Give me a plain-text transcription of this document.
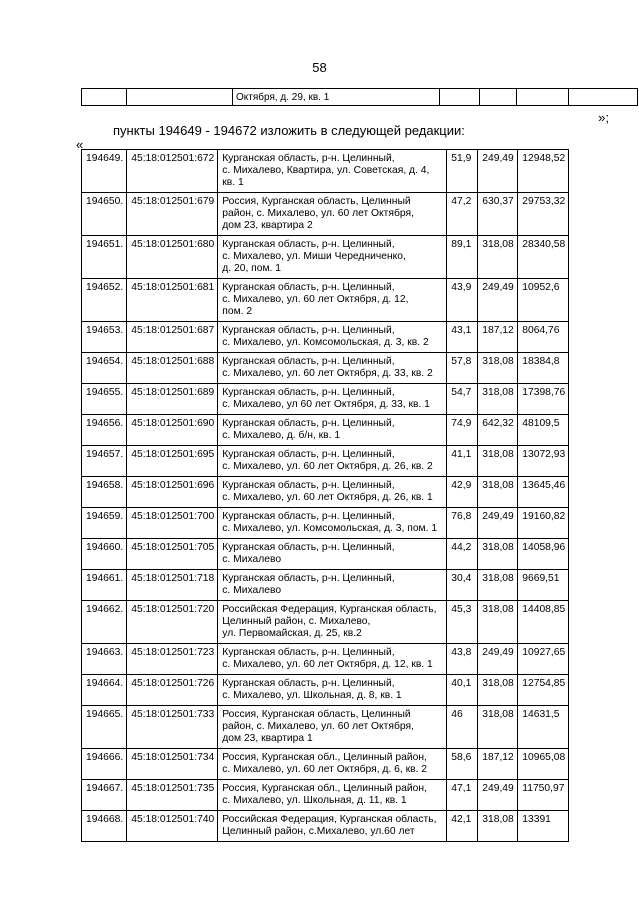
58
		Октября, д. 29, кв. 1				
»;
пункты 194649 - 194672 изложить в следующей редакции:
«
194649.	45:18:012501:672	Курганская область, р-н. Целинный,
с. Михалево, Квартира, ул. Советская, д. 4,
кв. 1	51,9	249,49	12948,52
194650.	45:18:012501:679	Россия, Курганская область, Целинный
район, с. Михалево, ул. 60 лет Октября,
дом 23, квартира 2	47,2	630,37	29753,32
194651.	45:18:012501:680	Курганская область, р-н. Целинный,
с. Михалево, ул. Миши Чередниченко,
д. 20, пом. 1	89,1	318,08	28340,58
194652.	45:18:012501:681	Курганская область, р-н. Целинный,
с. Михалево, ул. 60 лет Октября, д. 12,
пом. 2	43,9	249,49	10952,6
194653.	45:18:012501:687	Курганская область, р-н. Целинный,
с. Михалево, ул. Комсомольская, д. 3, кв. 2	43,1	187,12	8064,76
194654.	45:18:012501:688	Курганская область, р-н. Целинный,
с. Михалево, ул. 60 лет Октября, д. 33, кв. 2	57,8	318,08	18384,8
194655.	45:18:012501:689	Курганская область, р-н. Целинный,
с. Михалево, ул 60 лет Октября, д. 33, кв. 1	54,7	318,08	17398,76
194656.	45:18:012501:690	Курганская область, р-н. Целинный,
с. Михалево, д. б/н, кв. 1	74,9	642,32	48109,5
194657.	45:18:012501:695	Курганская область, р-н. Целинный,
с. Михалево, ул. 60 лет Октября, д. 26, кв. 2	41,1	318,08	13072,93
194658.	45:18:012501:696	Курганская область, р-н. Целинный,
с. Михалево, ул. 60 лет Октября, д. 26, кв. 1	42,9	318,08	13645,46
194659.	45:18:012501:700	Курганская область, р-н. Целинный,
с. Михалево, ул. Комсомольская, д. 3, пом. 1	76,8	249,49	19160,82
194660.	45:18:012501:705	Курганская область, р-н. Целинный,
с. Михалево	44,2	318,08	14058,96
194661.	45:18:012501:718	Курганская область, р-н. Целинный,
с. Михалево	30,4	318,08	9669,51
194662.	45:18:012501:720	Российская Федерация, Курганская область,
Целинный район, с. Михалево,
ул. Первомайская, д. 25, кв.2	45,3	318,08	14408,85
194663.	45:18:012501:723	Курганская область, р-н. Целинный,
с. Михалево, ул. 60 лет Октября, д. 12, кв. 1	43,8	249,49	10927,65
194664.	45:18:012501:726	Курганская область, р-н. Целинный,
с. Михалево, ул. Школьная, д. 8, кв. 1	40,1	318,08	12754,85
194665.	45:18:012501:733	Россия, Курганская область, Целинный
район, с. Михалево, ул. 60 лет Октября,
дом 23, квартира 1	46	318,08	14631,5
194666.	45:18:012501:734	Россия, Курганская обл., Целинный район,
с. Михалево, ул. 60 лет Октября, д. 6, кв. 2	58,6	187,12	10965,08
194667.	45:18:012501:735	Россия, Курганская обл., Целинный район,
с. Михалево, ул. Школьная, д. 11, кв. 1	47,1	249,49	11750,97
194668.	45:18:012501:740	Российская Федерация, Курганская область,
Целинный район, с.Михалево, ул.60 лет	42,1	318,08	13391
